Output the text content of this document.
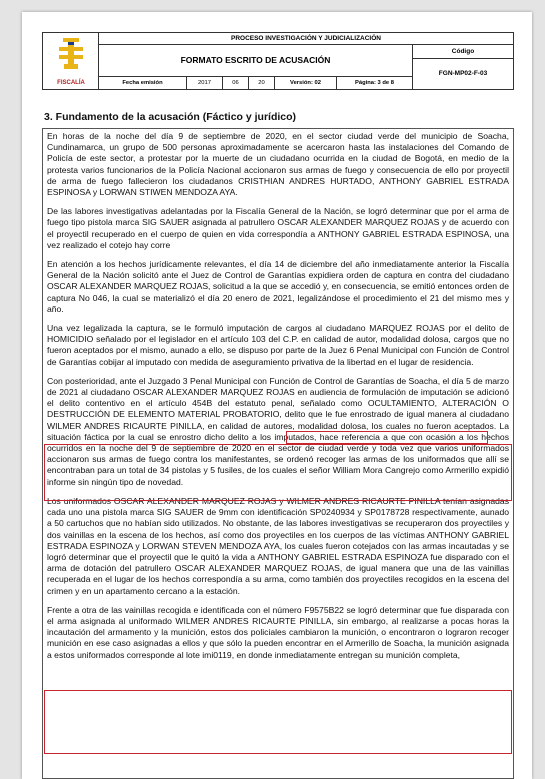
FISCALÍA
PROCESO INVESTIGACIÓN Y JUDICIALIZACIÓN
FORMATO ESCRITO DE ACUSACIÓN
Código
FGN-MP02-F-03
Fecha emisión	2017	06	20	Versión: 02	Página: 3 de 8
3. Fundamento de la acusación (Fáctico y jurídico)

En horas de la noche del día 9 de septiembre de 2020, en el sector ciudad verde del municipio de Soacha, Cundinamarca, un grupo de 500 personas aproximadamente se acercaron hasta las instalaciones del Comando de Policía de este sector, a protestar por la muerte de un ciudadano ocurrida en la ciudad de Bogotá, en medio de la protesta varios funcionarios de la Policía Nacional accionaron sus armas de fuego y consecuencia de ello por proyectil de arma de fuego fallecieron los ciudadanos CRISTHIAN ANDRES HURTADO, ANTHONY GABRIEL ESTRADA ESPINOSA y LORWAN STIWEN MENDOZA AYA.

De las labores investigativas adelantadas por la Fiscalía General de la Nación, se logró determinar que por el arma de fuego tipo pistola marca SIG SAUER asignada al patrullero OSCAR ALEXANDER MARQUEZ ROJAS y de acuerdo con el proyectil recuperado en el cuerpo de quien en vida correspondía a ANTHONY GABRIEL ESTRADA ESPINOSA, una vez realizado el cotejo hay corre

En atención a los hechos jurídicamente relevantes, el día 14 de diciembre del año inmediatamente anterior la Fiscalía General de la Nación solicitó ante el Juez de Control de Garantías expidiera orden de captura en contra del ciudadano OSCAR ALEXANDER MARQUEZ ROJAS, solicitud a la que se accedió y, en consecuencia, se emitió entonces orden de captura No 046, la cual se materializó el día 20 enero de 2021, legalizándose el procedimiento el 21 del mismo mes y año.

Una vez legalizada la captura, se le formuló imputación de cargos al ciudadano MARQUEZ ROJAS por el delito de HOMICIDIO señalado por el legislador en el artículo 103 del C.P. en calidad de autor, modalidad dolosa, cargos que no fueron aceptados por el mismo, aunado a ello, se dispuso por parte de la Juez 6 Penal Municipal con Función de Control de Garantías cobijar al imputado con medida de aseguramiento privativa de la libertad en el lugar de residencia.

Con posterioridad, ante el Juzgado 3 Penal Municipal con Función de Control de Garantías de Soacha, el día 5 de marzo de 2021 al ciudadano OSCAR ALEXANDER MARQUEZ ROJAS en audiencia de formulación de imputación se adicionó el delito contentivo en el artículo 454B del estatuto penal, señalado como OCULTAMIENTO, ALTERACIÓN O DESTRUCCIÓN DE ELEMENTO MATERIAL PROBATORIO, delito que le fue enrostrado de igual manera al ciudadano WILMER ANDRES RICAURTE PINILLA, en calidad de autores, modalidad dolosa, los cuales no fueron aceptados. La situación fáctica por la cual se enrostro dicho delito a los imputados, hace referencia a que con ocasión a los hechos ocurridos en la noche del 9 de septiembre de 2020 en el sector de ciudad verde y toda vez que varios uniformados accionaron sus armas de fuego contra los manifestantes, se ordenó recoger las armas de los uniformados que allí se encontraban para un total de 34 pistolas y 5 fusiles, de los cuales el señor William Mora Cangrejo como Armerillo expidió informe sin ningún tipo de novedad.

Los uniformados OSCAR ALEXANDER MARQUEZ ROJAS y WILMER ANDRES RICAURTE PINILLA tenían asignadas cada uno una pistola marca SIG SAUER de 9mm con identificación SP0240934 y SP0178728 respectivamente, aunado a 50 cartuchos que no habían sido utilizados. No obstante, de las labores investigativas se recuperaron dos proyectiles y dos vainillas en la escena de los hechos, así como dos proyectiles en los cuerpos de las víctimas ANTHONY GABRIEL ESTRADA ESPINOZA y LORWAN STEVEN MENDOZA AYA, los cuales fueron cotejados con las armas incautadas y se logró determinar que el proyectil que le quitó la vida a ANTHONY GABRIEL ESTRADA ESPINOZA fue disparado con el arma de dotación del patrullero OSCAR ALEXANDER MARQUEZ ROJAS, de igual manera que una de las vainillas recuperada en el lugar de los hechos correspondía a su arma, como también dos proyectiles recogidos en la escena del crimen y en un apartamento cercano a la estación.

Frente a otra de las vainillas recogida e identificada con el número F9575B22 se logró determinar que fue disparada con el arma asignada al uniformado WILMER ANDRES RICAURTE PINILLA, sin embargo, al realizarse a pocas horas la incautación del armamento y la munición, estos dos policiales cambiaron la munición, o encontraron o lograron recoger munición en ese caso asignadas a ellos y que sólo la pueden encontrar en el Armerillo de Soacha, la munición asignada a estos uniformados corresponde al lote imi0119, en donde inmediatamente entregan su munición completa,
